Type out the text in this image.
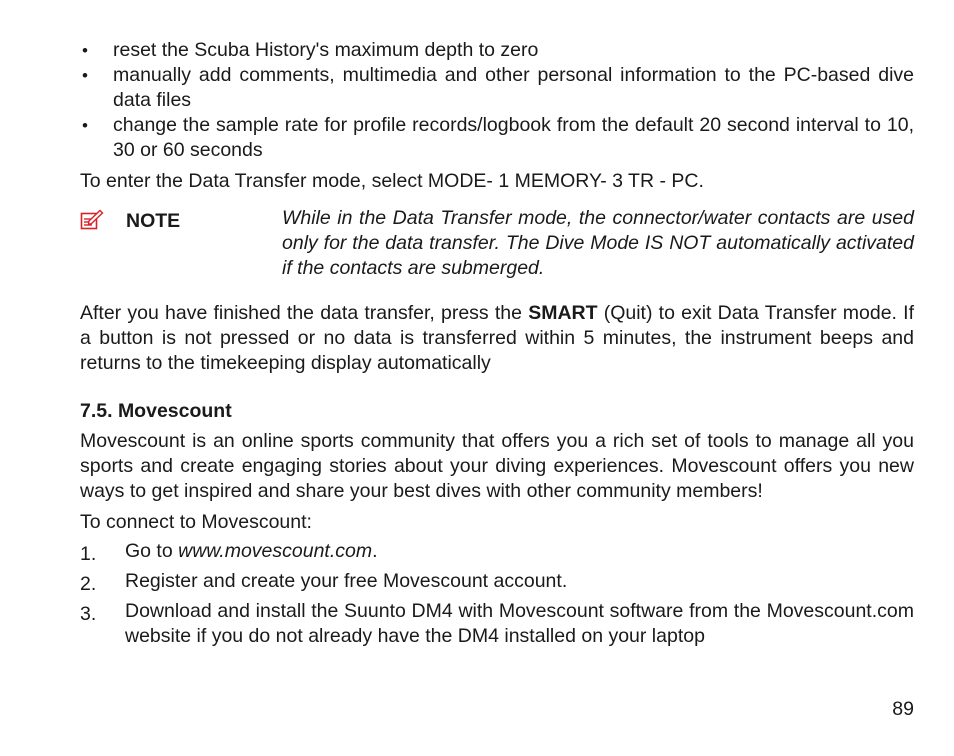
• reset the Scuba History's maximum depth to zero
• manually add comments, multimedia and other personal information to the PC-based dive data files
• change the sample rate for profile records/logbook from the default 20 second interval to 10, 30 or 60 seconds

To enter the Data Transfer mode, select MODE- 1 MEMORY- 3 TR - PC.

NOTE	While in the Data Transfer mode, the connector/water contacts are used only for the data transfer. The Dive Mode IS NOT automatically activated if the contacts are submerged.

After you have finished the data transfer, press the SMART (Quit) to exit Data Transfer mode. If a button is not pressed or no data is transferred within 5 minutes, the instrument beeps and returns to the timekeeping display automatically

7.5. Movescount

Movescount is an online sports community that offers you a rich set of tools to manage all you sports and create engaging stories about your diving experiences. Movescount offers you new ways to get inspired and share your best dives with other community members!

To connect to Movescount:

1.	Go to www.movescount.com.
2.	Register and create your free Movescount account.
3.	Download and install the Suunto DM4 with Movescount software from the Movescount.com website if you do not already have the DM4 installed on your laptop
89
